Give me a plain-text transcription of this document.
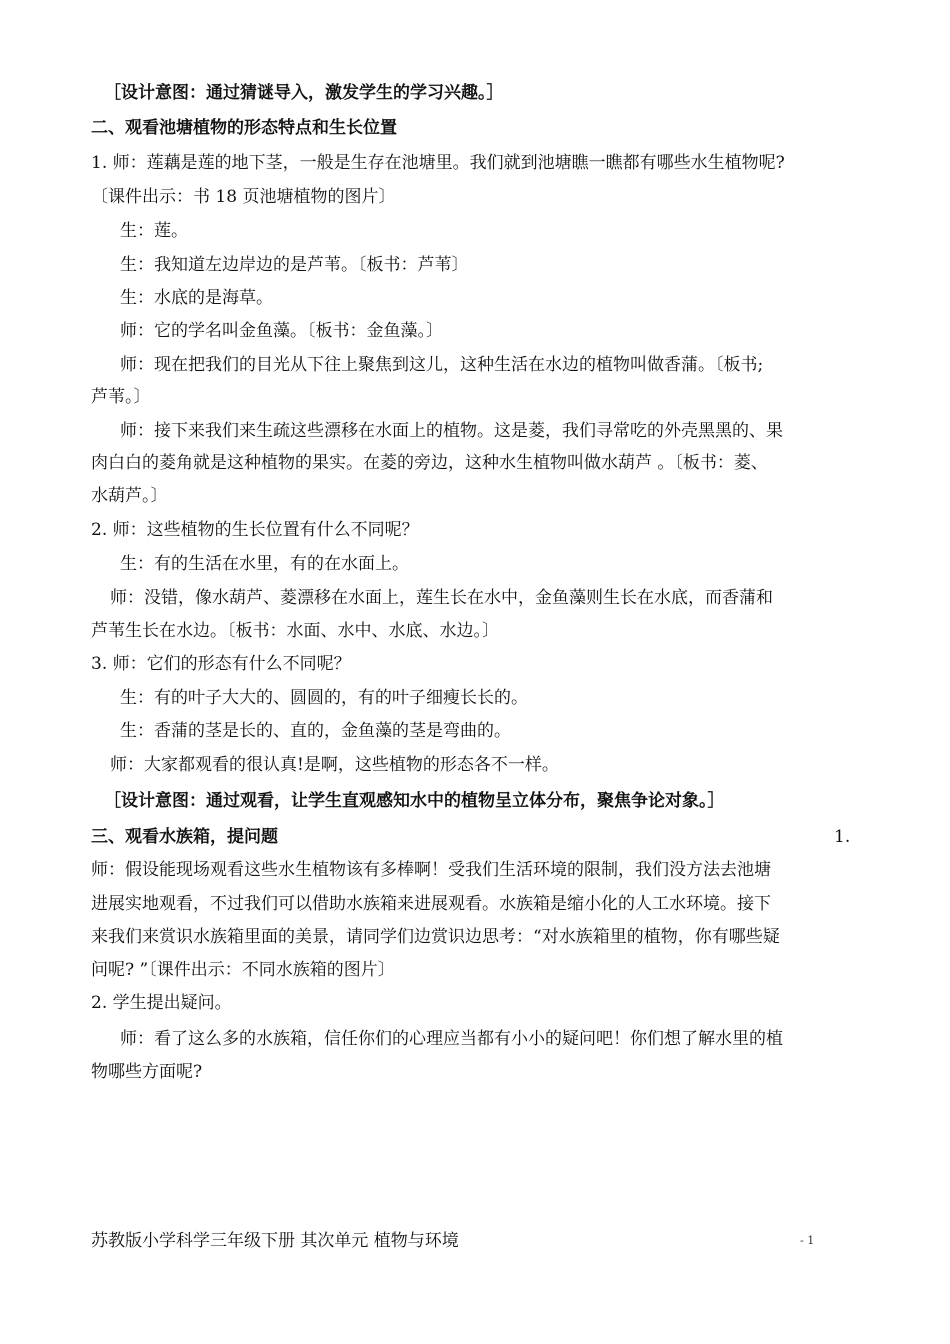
［设计意图：通过猜谜导入，激发学生的学习兴趣。］
二、观看池塘植物的形态特点和生长位置
1. 师：莲藕是莲的地下茎，一般是生存在池塘里。我们就到池塘瞧一瞧都有哪些水生植物呢?
〔课件出示：书 18 页池塘植物的图片〕
生：莲。
生：我知道左边岸边的是芦苇。〔板书：芦苇〕
生：水底的是海草。
师：它的学名叫金鱼藻。〔板书：金鱼藻。〕
师：现在把我们的目光从下往上聚焦到这儿，这种生活在水边的植物叫做香蒲。〔板书;
芦苇。〕
师：接下来我们来生疏这些漂移在水面上的植物。这是菱，我们寻常吃的外壳黑黑的、果
肉白白的菱角就是这种植物的果实。在菱的旁边，这种水生植物叫做水葫芦 。〔板书：菱、
水葫芦。〕
2. 师：这些植物的生长位置有什么不同呢？
生：有的生活在水里，有的在水面上。
师：没错，像水葫芦、菱漂移在水面上，莲生长在水中，金鱼藻则生长在水底，而香蒲和
芦苇生长在水边。〔板书：水面、水中、水底、水边。〕
3. 师：它们的形态有什么不同呢？
生：有的叶子大大的、圆圆的，有的叶子细瘦长长的。
生：香蒲的茎是长的、直的，金鱼藻的茎是弯曲的。
师：大家都观看的很认真!是啊，这些植物的形态各不一样。
［设计意图：通过观看，让学生直观感知水中的植物呈立体分布，聚焦争论对象。］
三、观看水族箱，提问题	1.
师：假设能现场观看这些水生植物该有多棒啊！受我们生活环境的限制，我们没方法去池塘
进展实地观看，不过我们可以借助水族箱来进展观看。水族箱是缩小化的人工水环境。接下
来我们来赏识水族箱里面的美景，请同学们边赏识边思考：“对水族箱里的植物，你有哪些疑
问呢? ”〔课件出示：不同水族箱的图片〕
2. 学生提出疑问。
师：看了这么多的水族箱，信任你们的心理应当都有小小的疑问吧！你们想了解水里的植
物哪些方面呢?
苏教版小学科学三年级下册 其次单元 植物与环境	- 1
